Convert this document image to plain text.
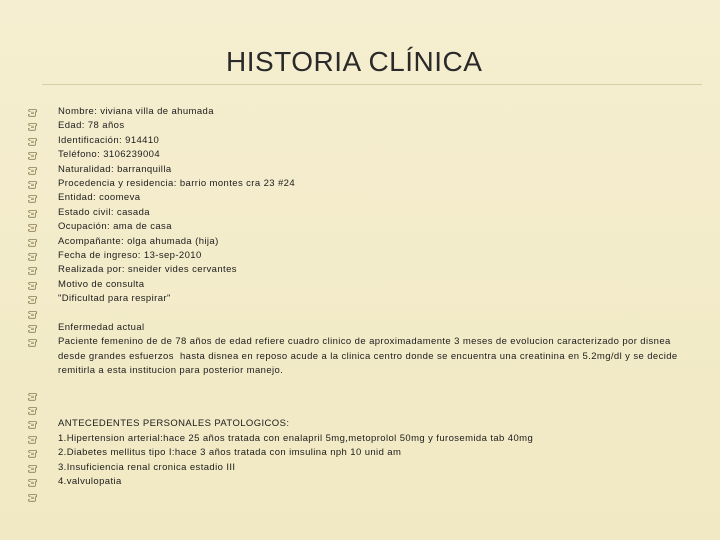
HISTORIA CLÍNICA
Nombre: viviana villa de ahumada
Edad: 78 años
Identificación: 914410
Teléfono: 3106239004
Naturalidad: barranquilla
Procedencia y residencia: barrio montes cra 23 #24
Entidad: coomeva
Estado civil: casada
Ocupación: ama de casa
Acompañante: olga ahumada (hija)
Fecha de ingreso: 13-sep-2010
Realizada por: sneider vides cervantes
Motivo de consulta
"Dificultad para respirar"
Enfermedad actual
Paciente femenino de de 78 años de edad refiere cuadro clinico de aproximadamente 3 meses de evolucion caracterizado por disnea desde grandes esfuerzos  hasta disnea en reposo acude a la clinica centro donde se encuentra una creatinina en 5.2mg/dl y se decide remitirla a esta institucion para posterior manejo.
ANTECEDENTES PERSONALES PATOLOGICOS:
1.Hipertension arterial:hace 25 años tratada con enalapril 5mg,metoprolol 50mg y furosemida tab 40mg
2.Diabetes mellitus tipo I:hace 3 años tratada con imsulina nph 10 unid am
3.Insuficiencia renal cronica estadio III
4.valvulopatia
